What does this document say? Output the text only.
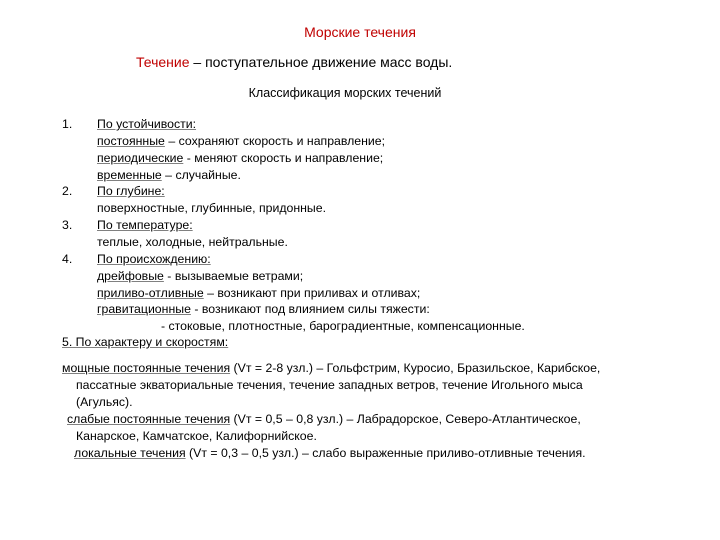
Морские течения
Течение – поступательное движение масс воды.
Классификация морских течений
1. По устойчивости:
постоянные – сохраняют скорость и направление;
периодические - меняют скорость и направление;
временные – случайные.
2. По глубине:
поверхностные, глубинные, придонные.
3. По температуре:
теплые, холодные, нейтральные.
4. По происхождению:
дрейфовые - вызываемые ветрами;
приливо-отливные – возникают при приливах и отливах;
гравитационные - возникают под влиянием силы тяжести:
- стоковые, плотностные, бароградиентные, компенсационные.
5. По характеру и скоростям:
мощные постоянные течения (Vт = 2-8 узл.) – Гольфстрим, Куросио, Бразильское, Карибское,
пассатные экваториальные течения, течение западных ветров, течение Игольного мыса
(Агульяс).
слабые постоянные течения (Vт = 0,5 – 0,8 узл.) – Лабрадорское, Северо-Атлантическое,
Канарское, Камчатское, Калифорнийское.
локальные течения (Vт = 0,3 – 0,5 узл.) – слабо выраженные приливо-отливные течения.
